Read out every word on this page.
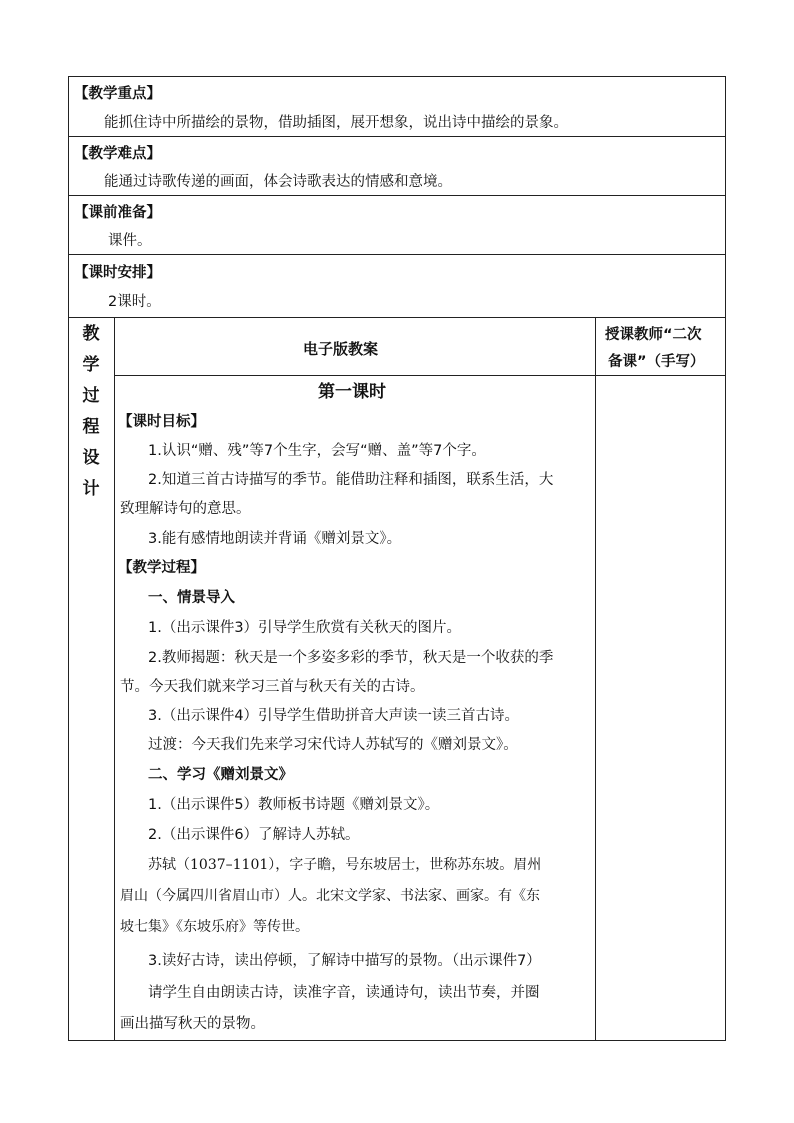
【教学重点】
能抓住诗中所描绘的景物，借助插图，展开想象，说出诗中描绘的景象。
【教学难点】
能通过诗歌传递的画面，体会诗歌表达的情感和意境。
【课前准备】
课件。
【课时安排】
2课时。
教
学
过
程
设
计
电子版教案
授课教师“二次
备课”（手写）
第一课时
【课时目标】
1.认识“赠、残”等7个生字，会写“赠、盖”等7个字。
2.知道三首古诗描写的季节。能借助注释和插图，联系生活，大
致理解诗句的意思。
3.能有感情地朗读并背诵《赠刘景文》。
【教学过程】
一、情景导入
1.（出示课件3）引导学生欣赏有关秋天的图片。
2.教师揭题：秋天是一个多姿多彩的季节，秋天是一个收获的季
节。今天我们就来学习三首与秋天有关的古诗。
3.（出示课件4）引导学生借助拼音大声读一读三首古诗。
过渡：今天我们先来学习宋代诗人苏轼写的《赠刘景文》。
二、学习《赠刘景文》
1.（出示课件5）教师板书诗题《赠刘景文》。
2.（出示课件6）了解诗人苏轼。
苏轼（1037–1101），字子瞻，号东坡居士，世称苏东坡。眉州
眉山（今属四川省眉山市）人。北宋文学家、书法家、画家。有《东
坡七集》《东坡乐府》等传世。
3.读好古诗，读出停顿，了解诗中描写的景物。（出示课件7）
请学生自由朗读古诗，读准字音，读通诗句，读出节奏，并圈
画出描写秋天的景物。
